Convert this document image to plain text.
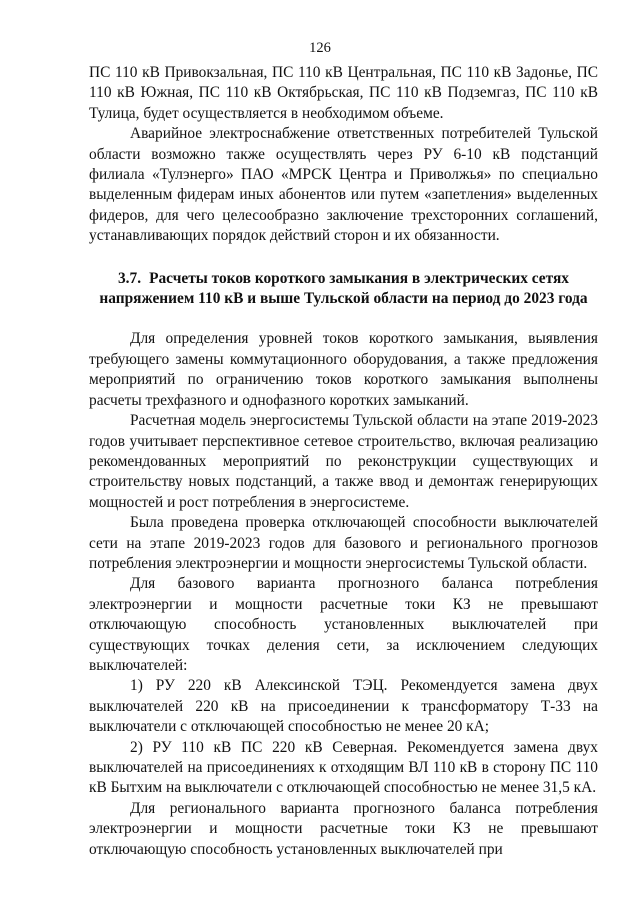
126

ПС 110 кВ Привокзальная, ПС 110 кВ Центральная, ПС 110 кВ Задонье, ПС 110 кВ Южная, ПС 110 кВ Октябрьская, ПС 110 кВ Подземгаз, ПС 110 кВ Тулица, будет осуществляется в необходимом объеме.

Аварийное электроснабжение ответственных потребителей Тульской области возможно также осуществлять через РУ 6-10 кВ подстанций филиала «Тулэнерго» ПАО «МРСК Центра и Приволжья» по специально выделенным фидерам иных абонентов или путем «запетления» выделенных фидеров, для чего целесообразно заключение трехсторонних соглашений, устанавливающих порядок действий сторон и их обязанности.

3.7. Расчеты токов короткого замыкания в электрических сетях напряжением 110 кВ и выше Тульской области на период до 2023 года

Для определения уровней токов короткого замыкания, выявления требующего замены коммутационного оборудования, а также предложения мероприятий по ограничению токов короткого замыкания выполнены расчеты трехфазного и однофазного коротких замыканий.

Расчетная модель энергосистемы Тульской области на этапе 2019-2023 годов учитывает перспективное сетевое строительство, включая реализацию рекомендованных мероприятий по реконструкции существующих и строительству новых подстанций, а также ввод и демонтаж генерирующих мощностей и рост потребления в энергосистеме.

Была проведена проверка отключающей способности выключателей сети на этапе 2019-2023 годов для базового и регионального прогнозов потребления электроэнергии и мощности энергосистемы Тульской области.

Для базового варианта прогнозного баланса потребления электроэнергии и мощности расчетные токи КЗ не превышают отключающую способность установленных выключателей при существующих точках деления сети, за исключением следующих выключателей:

1) РУ 220 кВ Алексинской ТЭЦ. Рекомендуется замена двух выключателей 220 кВ на присоединении к трансформатору Т-33 на выключатели с отключающей способностью не менее 20 кА;

2) РУ 110 кВ ПС 220 кВ Северная. Рекомендуется замена двух выключателей на присоединениях к отходящим ВЛ 110 кВ в сторону ПС 110 кВ Бытхим на выключатели с отключающей способностью не менее 31,5 кА.

Для регионального варианта прогнозного баланса потребления электроэнергии и мощности расчетные токи КЗ не превышают отключающую способность установленных выключателей при
